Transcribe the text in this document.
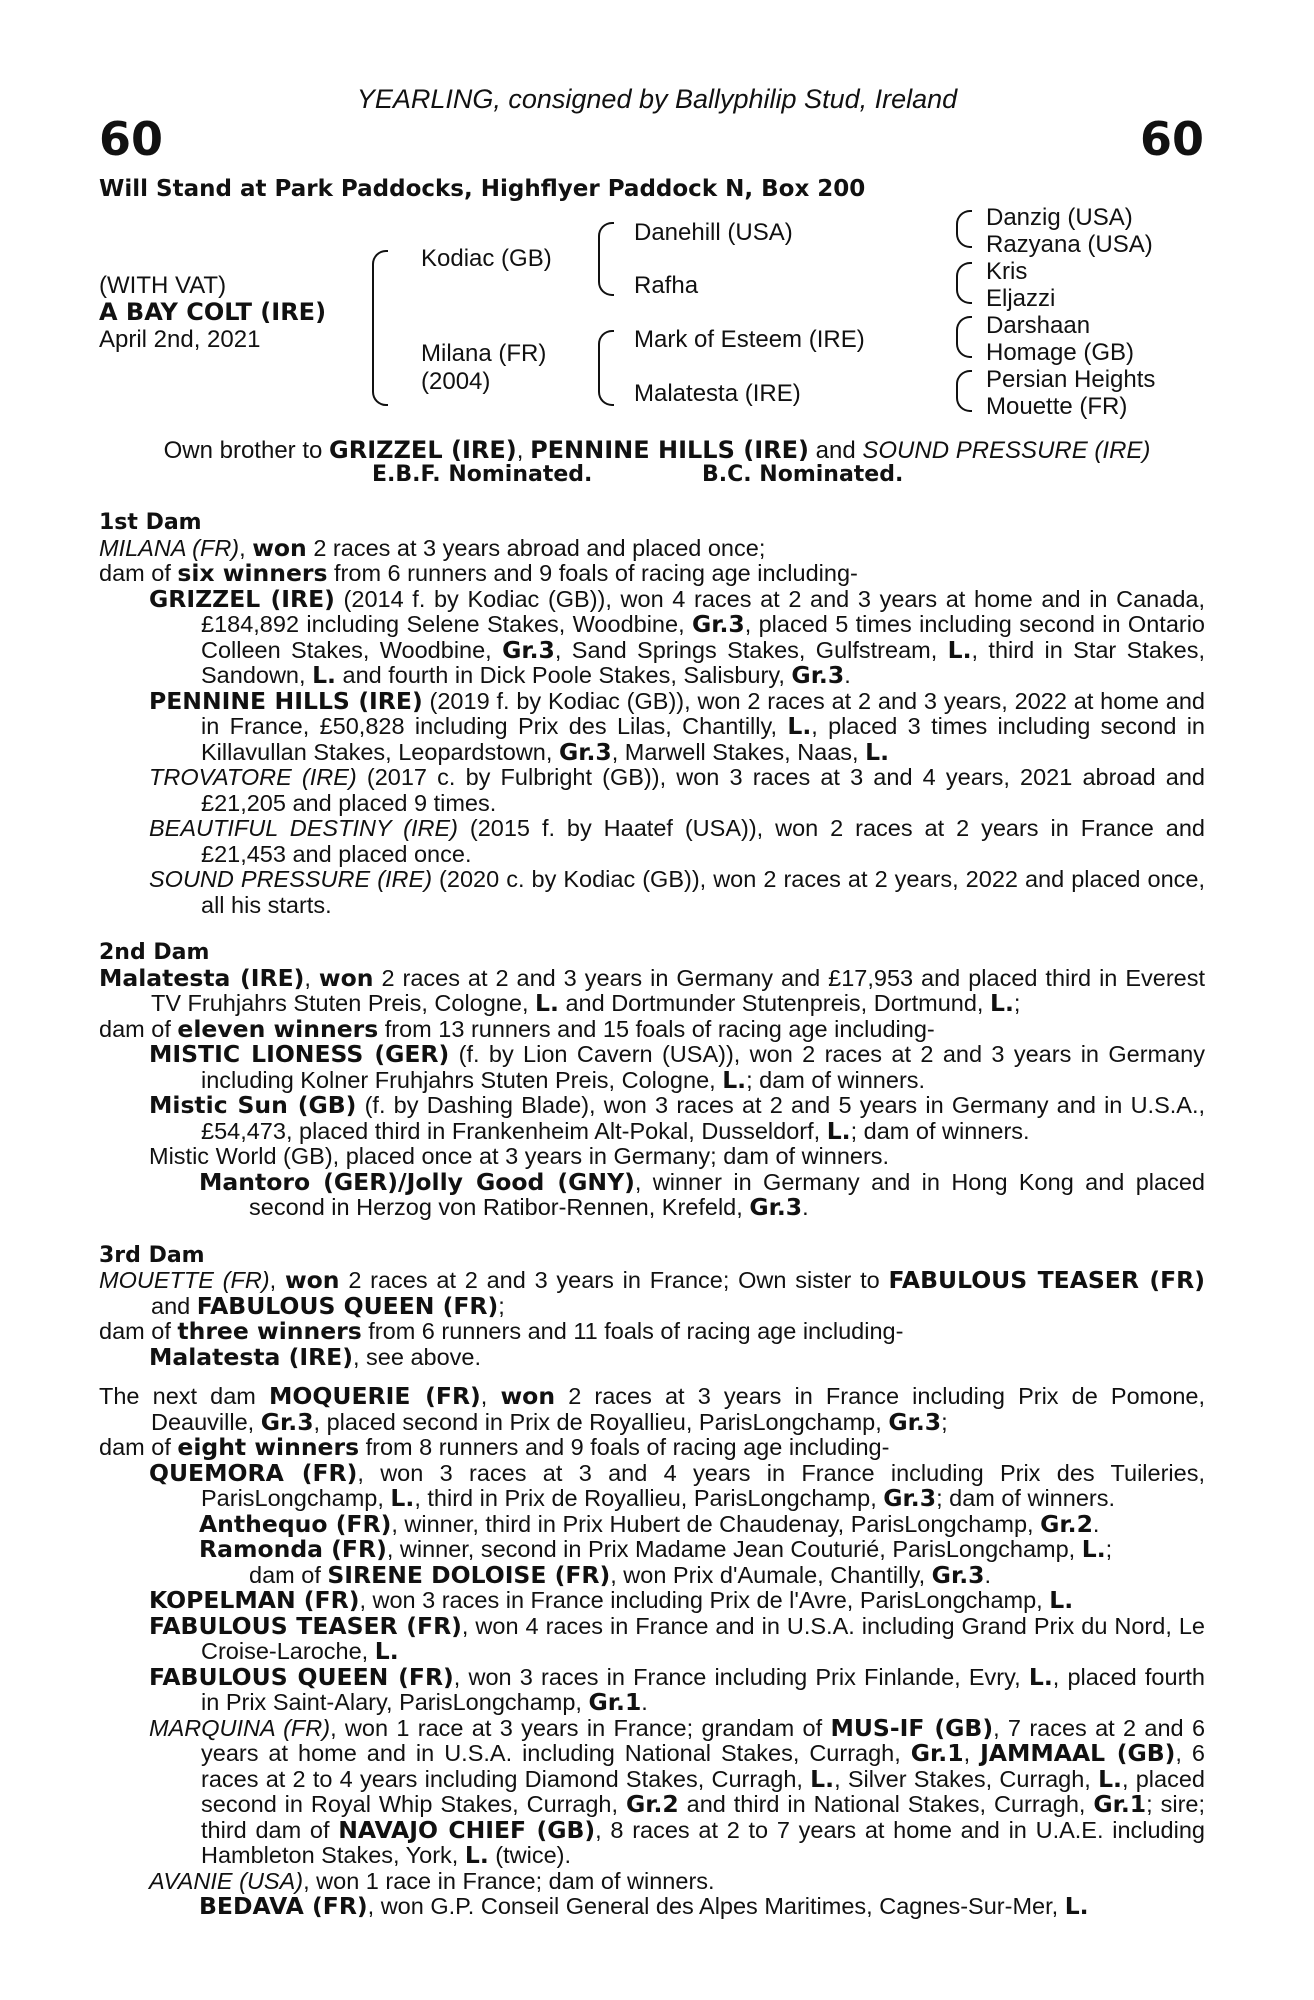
YEARLING, consigned by Ballyphilip Stud, Ireland
60	60
Will Stand at Park Paddocks, Highflyer Paddock N, Box 200
(WITH VAT)
A BAY COLT (IRE)
April 2nd, 2021
Kodiac (GB)
Milana (FR)
(2004)
Danehill (USA)
Rafha
Mark of Esteem (IRE)
Malatesta (IRE)
Danzig (USA)
Razyana (USA)
Kris
Eljazzi
Darshaan
Homage (GB)
Persian Heights
Mouette (FR)
Own brother to GRIZZEL (IRE), PENNINE HILLS (IRE) and SOUND PRESSURE (IRE)
E.B.F. Nominated.	B.C. Nominated.

1st Dam

MILANA (FR), won 2 races at 3 years abroad and placed once;

dam of six winners from 6 runners and 9 foals of racing age including-

GRIZZEL (IRE) (2014 f. by Kodiac (GB)), won 4 races at 2 and 3 years at home and in Canada, £184,892 including Selene Stakes, Woodbine, Gr.3, placed 5 times including second in Ontario Colleen Stakes, Woodbine, Gr.3, Sand Springs Stakes, Gulfstream, L., third in Star Stakes, Sandown, L. and fourth in Dick Poole Stakes, Salisbury, Gr.3.

PENNINE HILLS (IRE) (2019 f. by Kodiac (GB)), won 2 races at 2 and 3 years, 2022 at home and in France, £50,828 including Prix des Lilas, Chantilly, L., placed 3 times including second in Killavullan Stakes, Leopardstown, Gr.3, Marwell Stakes, Naas, L.

TROVATORE (IRE) (2017 c. by Fulbright (GB)), won 3 races at 3 and 4 years, 2021 abroad and £21,205 and placed 9 times.

BEAUTIFUL DESTINY (IRE) (2015 f. by Haatef (USA)), won 2 races at 2 years in France and £21,453 and placed once.

SOUND PRESSURE (IRE) (2020 c. by Kodiac (GB)), won 2 races at 2 years, 2022 and placed once, all his starts.

2nd Dam

Malatesta (IRE), won 2 races at 2 and 3 years in Germany and £17,953 and placed third in Everest TV Fruhjahrs Stuten Preis, Cologne, L. and Dortmunder Stutenpreis, Dortmund, L.;

dam of eleven winners from 13 runners and 15 foals of racing age including-

MISTIC LIONESS (GER) (f. by Lion Cavern (USA)), won 2 races at 2 and 3 years in Germany including Kolner Fruhjahrs Stuten Preis, Cologne, L.; dam of winners.

Mistic Sun (GB) (f. by Dashing Blade), won 3 races at 2 and 5 years in Germany and in U.S.A., £54,473, placed third in Frankenheim Alt-Pokal, Dusseldorf, L.; dam of winners.

Mistic World (GB), placed once at 3 years in Germany; dam of winners.

Mantoro (GER)/Jolly Good (GNY), winner in Germany and in Hong Kong and placed second in Herzog von Ratibor-Rennen, Krefeld, Gr.3.

3rd Dam

MOUETTE (FR), won 2 races at 2 and 3 years in France; Own sister to FABULOUS TEASER (FR) and FABULOUS QUEEN (FR);

dam of three winners from 6 runners and 11 foals of racing age including-

Malatesta (IRE), see above.

The next dam MOQUERIE (FR), won 2 races at 3 years in France including Prix de Pomone, Deauville, Gr.3, placed second in Prix de Royallieu, ParisLongchamp, Gr.3;

dam of eight winners from 8 runners and 9 foals of racing age including-

QUEMORA (FR), won 3 races at 3 and 4 years in France including Prix des Tuileries, ParisLongchamp, L., third in Prix de Royallieu, ParisLongchamp, Gr.3; dam of winners.

Anthequo (FR), winner, third in Prix Hubert de Chaudenay, ParisLongchamp, Gr.2.

Ramonda (FR), winner, second in Prix Madame Jean Couturié, ParisLongchamp, L.;
dam of SIRENE DOLOISE (FR), won Prix d'Aumale, Chantilly, Gr.3.

KOPELMAN (FR), won 3 races in France including Prix de l'Avre, ParisLongchamp, L.

FABULOUS TEASER (FR), won 4 races in France and in U.S.A. including Grand Prix du Nord, Le Croise-Laroche, L.

FABULOUS QUEEN (FR), won 3 races in France including Prix Finlande, Evry, L., placed fourth in Prix Saint-Alary, ParisLongchamp, Gr.1.

MARQUINA (FR), won 1 race at 3 years in France; grandam of MUS-IF (GB), 7 races at 2 and 6 years at home and in U.S.A. including National Stakes, Curragh, Gr.1, JAMMAAL (GB), 6 races at 2 to 4 years including Diamond Stakes, Curragh, L., Silver Stakes, Curragh, L., placed second in Royal Whip Stakes, Curragh, Gr.2 and third in National Stakes, Curragh, Gr.1; sire; third dam of NAVAJO CHIEF (GB), 8 races at 2 to 7 years at home and in U.A.E. including Hambleton Stakes, York, L. (twice).

AVANIE (USA), won 1 race in France; dam of winners.

BEDAVA (FR), won G.P. Conseil General des Alpes Maritimes, Cagnes-Sur-Mer, L.
